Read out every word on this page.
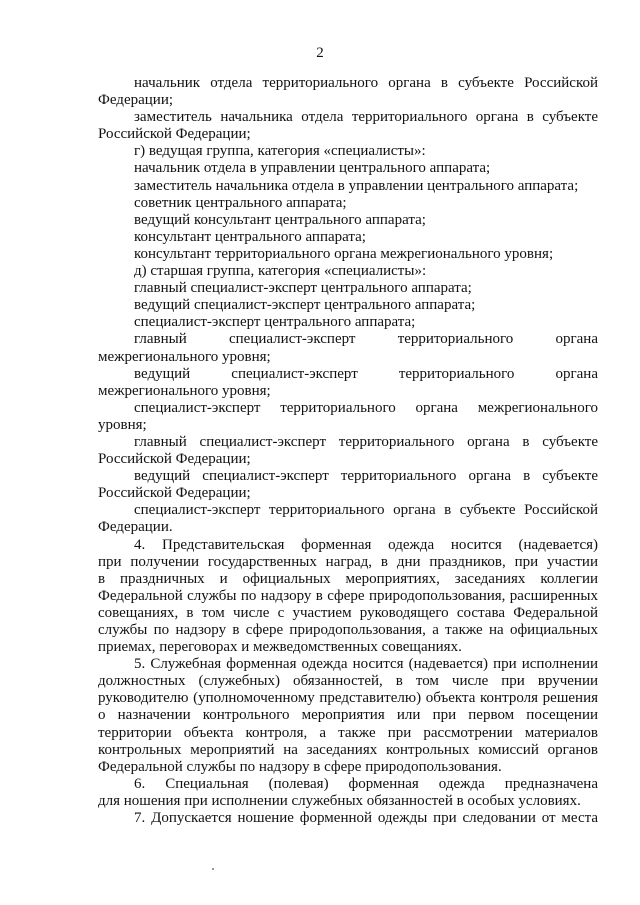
2
начальник отдела территориального органа в субъекте Российской
Федерации;
заместитель начальника отдела территориального органа в субъекте
Российской Федерации;
г) ведущая группа, категория «специалисты»:
начальник отдела в управлении центрального аппарата;
заместитель начальника отдела в управлении центрального аппарата;
советник центрального аппарата;
ведущий консультант центрального аппарата;
консультант центрального аппарата;
консультант территориального органа межрегионального уровня;
д) старшая группа, категория «специалисты»:
главный специалист-эксперт центрального аппарата;
ведущий специалист-эксперт центрального аппарата;
специалист-эксперт центрального аппарата;
главный специалист-эксперт территориального органа
межрегионального уровня;
ведущий специалист-эксперт территориального органа
межрегионального уровня;
специалист-эксперт территориального органа межрегионального
уровня;
главный специалист-эксперт территориального органа в субъекте
Российской Федерации;
ведущий специалист-эксперт территориального органа в субъекте
Российской Федерации;
специалист-эксперт территориального органа в субъекте Российской
Федерации.
4. Представительская форменная одежда носится (надевается)
при получении государственных наград, в дни праздников, при участии
в праздничных и официальных мероприятиях, заседаниях коллегии
Федеральной службы по надзору в сфере природопользования, расширенных
совещаниях, в том числе с участием руководящего состава Федеральной
службы по надзору в сфере природопользования, а также на официальных
приемах, переговорах и межведомственных совещаниях.
5. Служебная форменная одежда носится (надевается) при исполнении
должностных (служебных) обязанностей, в том числе при вручении
руководителю (уполномоченному представителю) объекта контроля решения
о назначении контрольного мероприятия или при первом посещении
территории объекта контроля, а также при рассмотрении материалов
контрольных мероприятий на заседаниях контрольных комиссий органов
Федеральной службы по надзору в сфере природопользования.
6. Специальная (полевая) форменная одежда предназначена
для ношения при исполнении служебных обязанностей в особых условиях.
7. Допускается ношение форменной одежды при следовании от места
